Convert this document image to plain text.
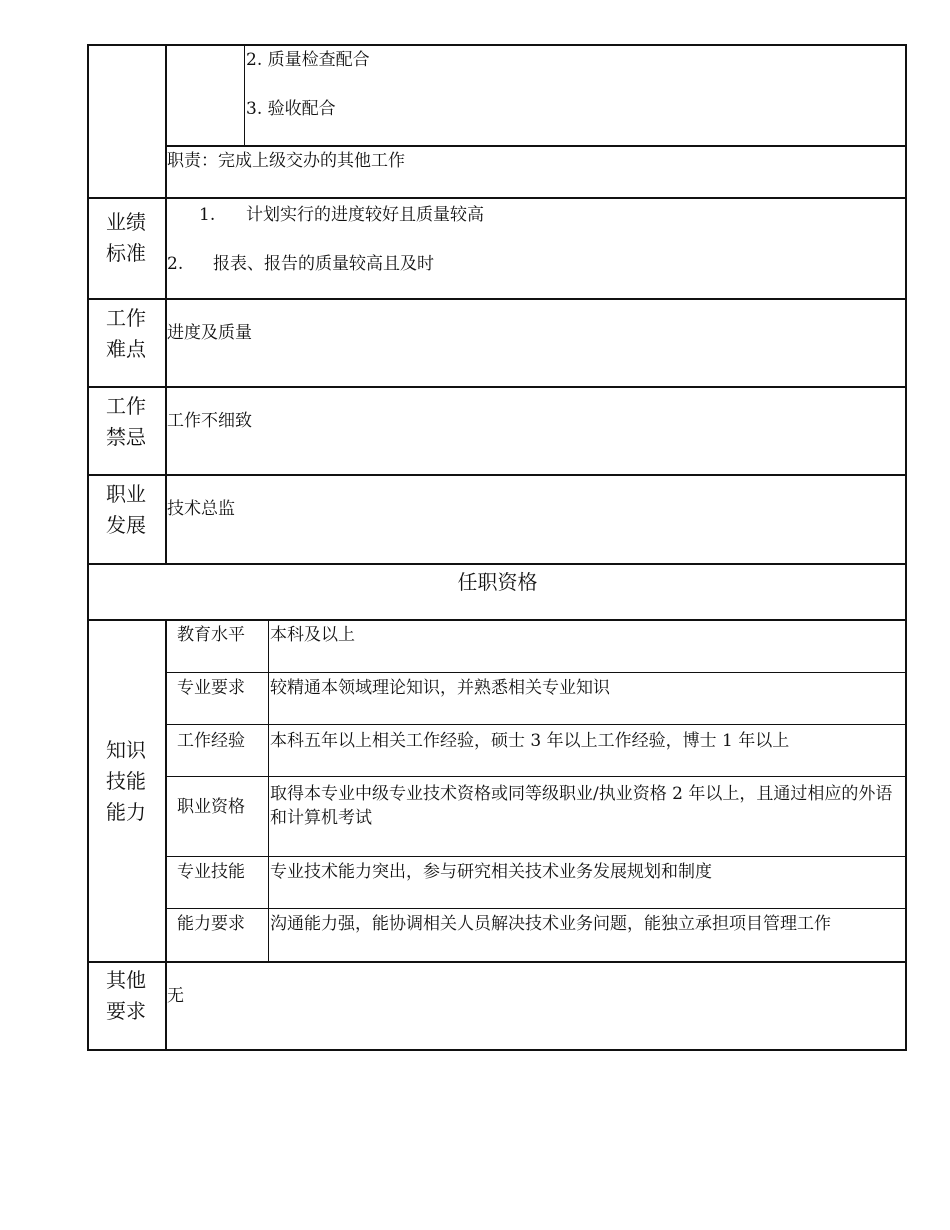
2. 质量检查配合
3. 验收配合
职责：完成上级交办的其他工作
业绩
标准
1. 计划实行的进度较好且质量较高
2. 报表、报告的质量较高且及时
工作
难点
进度及质量
工作
禁忌
工作不细致
职业
发展
技术总监
任职资格
知识
技能
能力
教育水平 本科及以上
专业要求 较精通本领域理论知识，并熟悉相关专业知识
工作经验 本科五年以上相关工作经验，硕士 3 年以上工作经验，博士 1 年以上
职业资格
取得本专业中级专业技术资格或同等级职业/执业资格 2 年以上，且通过相应的外语和计算机考试
专业技能 专业技术能力突出，参与研究相关技术业务发展规划和制度
能力要求 沟通能力强，能协调相关人员解决技术业务问题，能独立承担项目管理工作
其他
要求
无
